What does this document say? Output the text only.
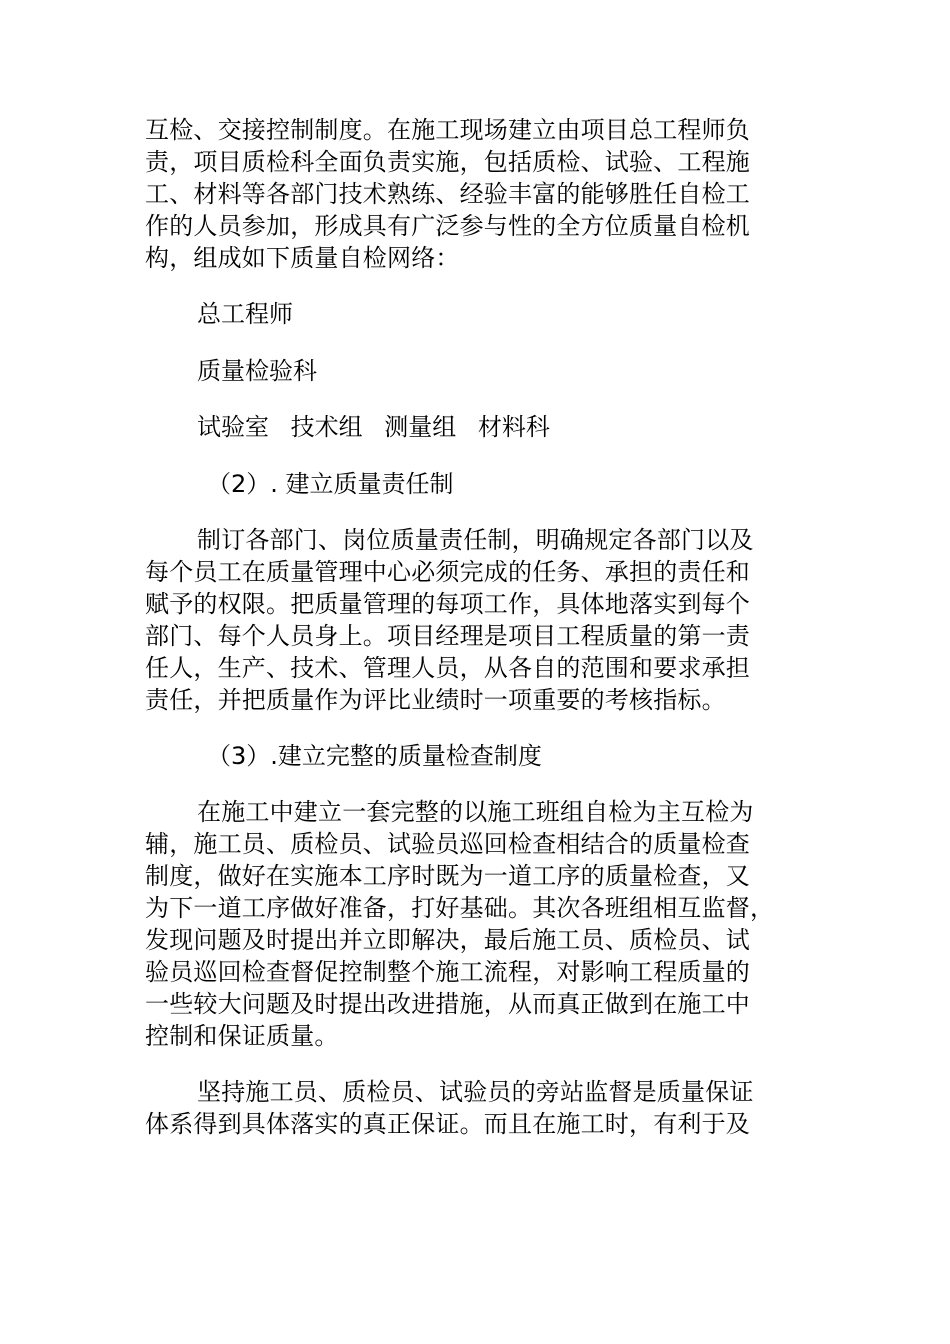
互检、交接控制制度。在施工现场建立由项目总工程师负
责，项目质检科全面负责实施，包括质检、试验、工程施
工、材料等各部门技术熟练、经验丰富的能够胜任自检工
作的人员参加，形成具有广泛参与性的全方位质量自检机
构，组成如下质量自检网络：
总工程师
质量检验科
试验室 技术组 测量组 材料科
（2）. 建立质量责任制
制订各部门、岗位质量责任制，明确规定各部门以及
每个员工在质量管理中心必须完成的任务、承担的责任和
赋予的权限。把质量管理的每项工作，具体地落实到每个
部门、每个人员身上。项目经理是项目工程质量的第一责
任人，生产、技术、管理人员，从各自的范围和要求承担
责任，并把质量作为评比业绩时一项重要的考核指标。
（3）.建立完整的质量检查制度
在施工中建立一套完整的以施工班组自检为主互检为
辅，施工员、质检员、试验员巡回检查相结合的质量检查
制度，做好在实施本工序时既为一道工序的质量检查，又
为下一道工序做好准备，打好基础。其次各班组相互监督，
发现问题及时提出并立即解决，最后施工员、质检员、试
验员巡回检查督促控制整个施工流程，对影响工程质量的
一些较大问题及时提出改进措施，从而真正做到在施工中
控制和保证质量。
坚持施工员、质检员、试验员的旁站监督是质量保证
体系得到具体落实的真正保证。而且在施工时，有利于及
